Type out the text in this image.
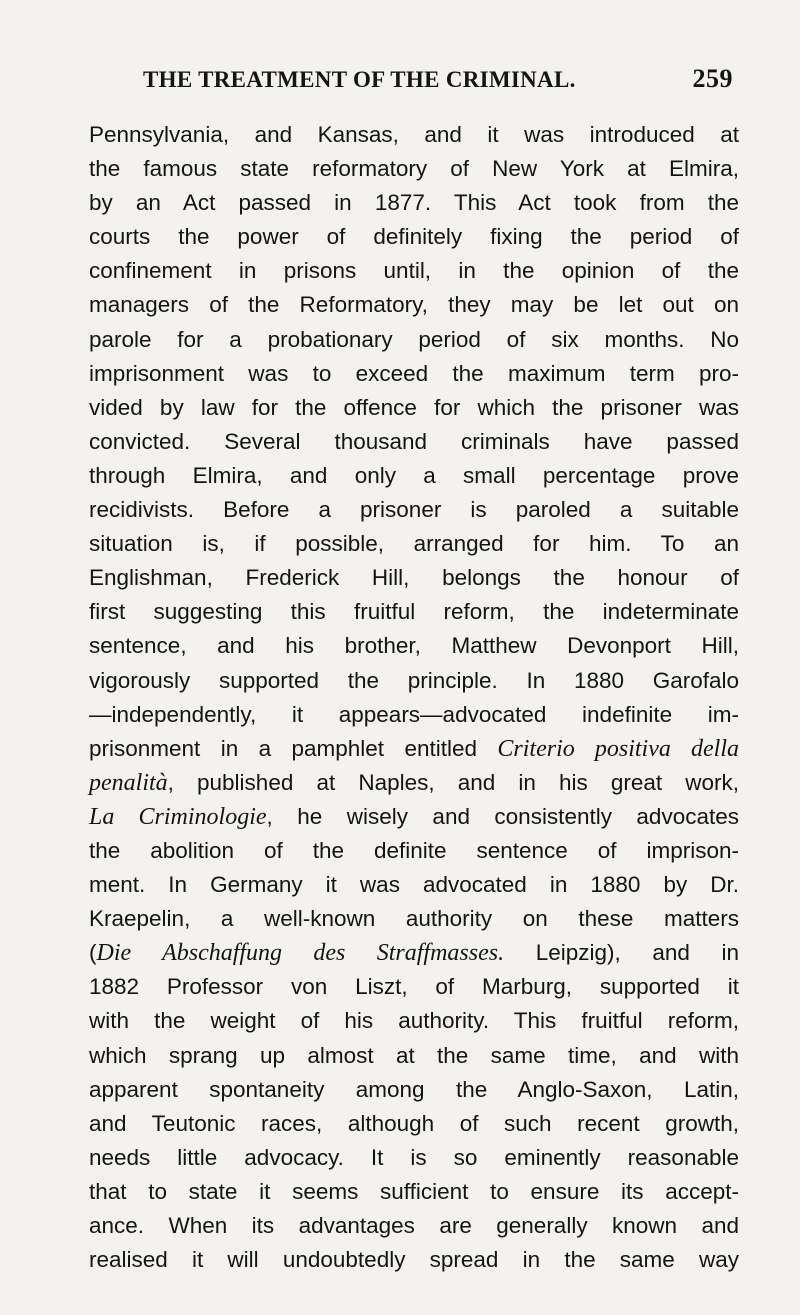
THE TREATMENT OF THE CRIMINAL.	259
Pennsylvania, and Kansas, and it was introduced at
the famous state reformatory of New York at Elmira,
by an Act passed in 1877. This Act took from the
courts the power of definitely fixing the period of
confinement in prisons until, in the opinion of the
managers of the Reformatory, they may be let out on
parole for a probationary period of six months. No
imprisonment was to exceed the maximum term pro-
vided by law for the offence for which the prisoner was
convicted. Several thousand criminals have passed
through Elmira, and only a small percentage prove
recidivists. Before a prisoner is paroled a suitable
situation is, if possible, arranged for him. To an
Englishman, Frederick Hill, belongs the honour of
first suggesting this fruitful reform, the indeterminate
sentence, and his brother, Matthew Devonport Hill,
vigorously supported the principle. In 1880 Garofalo
—independently, it appears—advocated indefinite im-
prisonment in a pamphlet entitled Criterio positiva della
penalità, published at Naples, and in his great work,
La Criminologie, he wisely and consistently advocates
the abolition of the definite sentence of imprison-
ment. In Germany it was advocated in 1880 by Dr.
Kraepelin, a well-known authority on these matters
(Die Abschaffung des Straffmasses. Leipzig), and in
1882 Professor von Liszt, of Marburg, supported it
with the weight of his authority. This fruitful reform,
which sprang up almost at the same time, and with
apparent spontaneity among the Anglo-Saxon, Latin,
and Teutonic races, although of such recent growth,
needs little advocacy. It is so eminently reasonable
that to state it seems sufficient to ensure its accept-
ance. When its advantages are generally known and
realised it will undoubtedly spread in the same way
